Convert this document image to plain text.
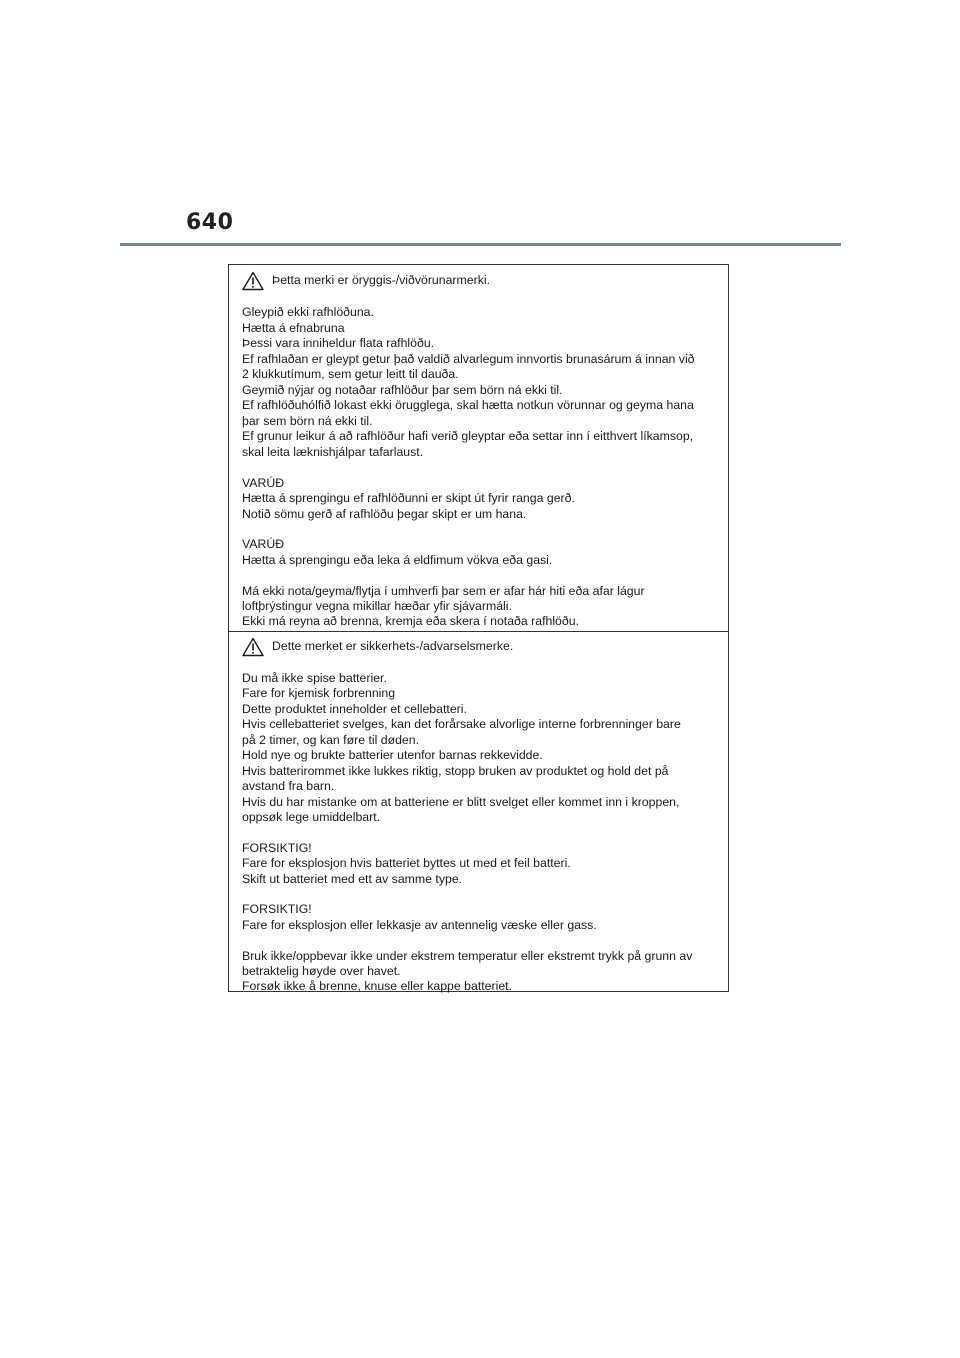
640
Þetta merki er öryggis-/viðvörunarmerki.
Gleypið ekki rafhlöðuna.
Hætta á efnabruna
Þessi vara inniheldur flata rafhlöðu.
Ef rafhlaðan er gleypt getur það valdið alvarlegum innvortis brunasárum á innan við
2 klukkutímum, sem getur leitt til dauða.
Geymið nýjar og notaðar rafhlöður þar sem börn ná ekki til.
Ef rafhlöðuhólfið lokast ekki örugglega, skal hætta notkun vörunnar og geyma hana
þar sem börn ná ekki til.
Ef grunur leikur á að rafhlöður hafi verið gleyptar eða settar inn í eitthvert líkamsop,
skal leita læknishjálpar tafarlaust.
VARÚÐ
Hætta á sprengingu ef rafhlöðunni er skipt út fyrir ranga gerð.
Notið sömu gerð af rafhlöðu þegar skipt er um hana.
VARÚÐ
Hætta á sprengingu eða leka á eldfimum vökva eða gasi.
Má ekki nota/geyma/flytja í umhverfi þar sem er afar hár hiti eða afar lágur
loftþrýstingur vegna mikillar hæðar yfir sjávarmáli.
Ekki má reyna að brenna, kremja eða skera í notaða rafhlöðu.
Dette merket er sikkerhets-/advarselsmerke.
Du må ikke spise batterier.
Fare for kjemisk forbrenning
Dette produktet inneholder et cellebatteri.
Hvis cellebatteriet svelges, kan det forårsake alvorlige interne forbrenninger bare
på 2 timer, og kan føre til døden.
Hold nye og brukte batterier utenfor barnas rekkevidde.
Hvis batterirommet ikke lukkes riktig, stopp bruken av produktet og hold det på
avstand fra barn.
Hvis du har mistanke om at batteriene er blitt svelget eller kommet inn i kroppen,
oppsøk lege umiddelbart.
FORSIKTIG!
Fare for eksplosjon hvis batteriet byttes ut med et feil batteri.
Skift ut batteriet med ett av samme type.
FORSIKTIG!
Fare for eksplosjon eller lekkasje av antennelig væske eller gass.
Bruk ikke/oppbevar ikke under ekstrem temperatur eller ekstremt trykk på grunn av
betraktelig høyde over havet.
Forsøk ikke å brenne, knuse eller kappe batteriet.
